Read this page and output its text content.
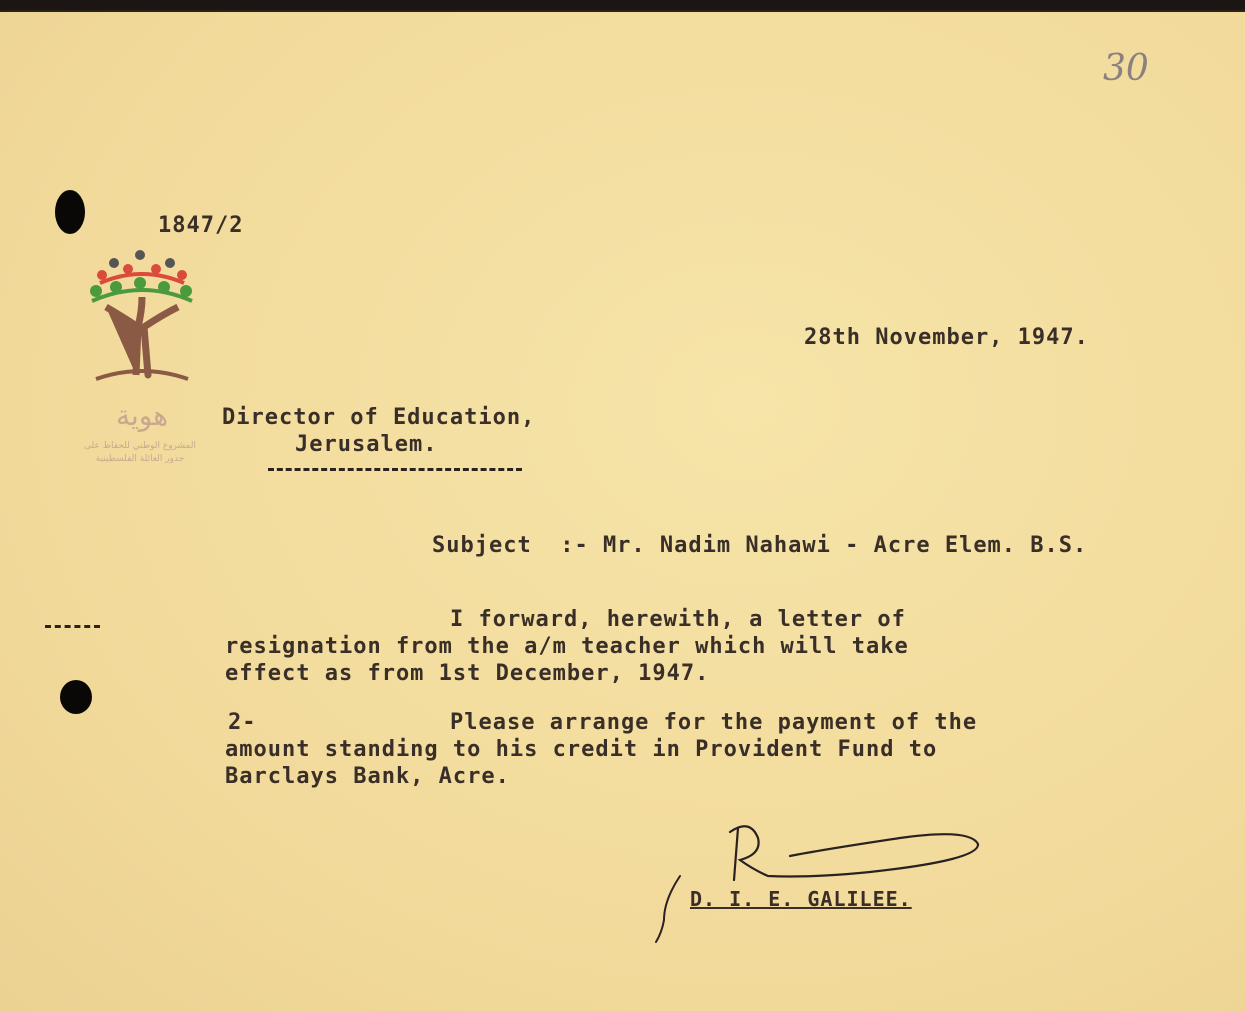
30
1847/2
هوية
المشروع الوطني للحفاظ على
جذور العائلة الفلسطينية
28th November, 1947.
Director of Education,
Jerusalem.
Subject  :- Mr. Nadim Nahawi - Acre Elem. B.S.
I forward, herewith, a letter of
resignation from the a/m teacher which will take
effect as from 1st December, 1947.
2-	Please arrange for the payment of the
amount standing to his credit in Provident Fund to
Barclays Bank, Acre.
D. I. E. GALILEE.
